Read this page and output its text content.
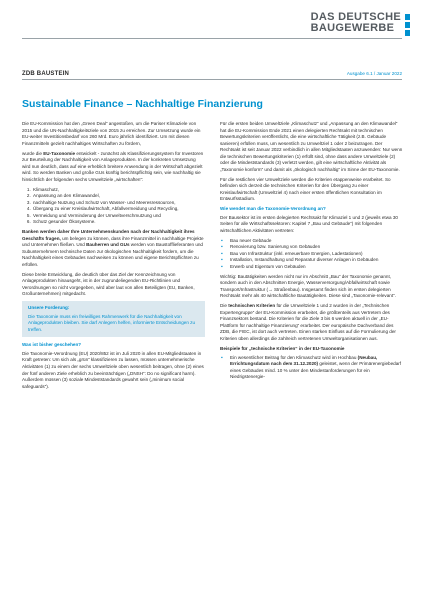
DAS DEUTSCHE
BAUGEWERBE
ZDB BAUSTEIN	Ausgabe 6.1 / Januar 2022
Sustainable Finance – Nachhaltige Finanzierung

Die EU-Kommission hat den „Green Deal“ angestoßen, um die Pariser Klimaziele von 2015 und die UN-Nachhaltigkeitsziele von 2015 zu erreichen. Zur Umsetzung wurde ein EU-weiter Investitionsbedarf von 260 Mrd. Euro jährlich identifiziert. Um mit diesen Finanzmitteln gezielt nachhaltiges Wirtschaften zu fördern,

wurde die EU-Taxonomie entwickelt - zunächst als Klassifizierungssystem für Investoren zur Beurteilung der Nachhaltigkeit von Anlageprodukten. In der konkreten Umsetzung wird nun deutlich, dass auf eine erheblich breitere Anwendung in der Wirtschaft abgezielt wird. So werden Banken und große GUs künftig berichtspflichtig sein, wie nachhaltig sie hinsichtlich der folgenden sechs Umweltziele „wirtschaften“:

1. Klimaschutz,
2. Anpassung an den Klimawandel,
3. nachhaltige Nutzung und Schutz von Wasser- und Meeresressourcen,
4. Übergang zu einer Kreislaufwirtschaft, Abfallvermeidung und Recycling,
5. Vermeidung und Verminderung der Umweltverschmutzung und
6. Schutz gesunder Ökosysteme.

Banken werden daher Ihre Unternehmenskunden nach der Nachhaltigkeit ihres Geschäfts fragen, um belegen zu können, dass ihre Finanzmittel in nachhaltige Projekte und Unternehmen fließen. Und Bauherren und GUs werden von Baustofflieferanten und Subunternehmern technische Daten zur ökologischen Nachhaltigkeit fordern, um die Nachhaltigkeit eines Gebäudes nachweisen zu können und eigene Berichtspflichten zu erfüllen.

Diese breite Entwicklung, die deutlich über das Ziel der Kennzeichnung von Anlageprodukten hinausgeht, ist in der zugrundeliegenden EU-Richtlinien und Verordnungen so nicht vorgegeben, wird aber laut von allen Beteiligten (EU, Banken, Großunternehmen) mitgedacht.

Unsere Forderung:

Die Taxonomie muss ein freiwilliges Rahmenwerk für die Nachhaltigkeit von Anlageprodukten bleiben. Sie darf Anlegern helfen, informierte Entscheidungen zu treffen.

Was ist bisher geschehen?

Die Taxonomie-Verordnung (EU) 2020/852 ist im Juli 2020 in allen EU-Mitgliedstaaten in Kraft getreten: Um sich als „grün“ klassifizieren zu lassen, müssen unternehmerische Aktivitäten (1) zu einem der sechs Umweltziele oben wesentlich beitragen, ohne (2) eines der fünf anderen Ziele erheblich zu beeinträchtigen („DNSH“: Do no significant harm). Außerdem müssen (3) soziale Mindeststandards gewahrt sein („minimum social safeguards“).

Für die ersten beiden Umweltziele „Klimaschutz“ und „Anpassung an den Klimawandel“ hat die EU-Kommission Ende 2021 einen delegierten Rechtsakt mit technischen Bewertungskriterien veröffentlicht, die eine wirtschaftliche Tätigkeit (z.B. Gebäude sanieren) erfüllen muss, um wesentlich zu Umweltziel 1 oder 2 beizutragen. Der Rechtsakt ist seit Januar 2022 verbindlich in allen Mitgliedstaaten anzuwenden: Nur wenn die technischen Bewertungskriterien (1) erfüllt sind, ohne dass andere Umweltziele (2) oder die Mindeststandards (3) verletzt werden, gilt eine wirtschaftliche Aktivität als „Taxonomie konform“ und damit als „ökologisch nachhaltig“ im Sinne der EU-Taxonomie.

Für die restlichen vier Umweltziele werden die Kriterien etappenweise erarbeitet. So befinden sich derzeit die technischen Kriterien für den Übergang zu einer Kreislaufwirtschaft (Umweltziel 4) nach einer ersten öffentlichen Konsultation im Entwurfsstadium.

Wie wendet man die Taxonomie-Verordnung an?

Der Bausektor ist im ersten delegierten Rechtsakt für Klimaziel 1 und 2 (jeweils etwa 30 Seiten für alle Wirtschaftssektoren: Kapitel 7 „Bau und Gebäude“) mit folgenden wirtschaftlichen Aktivitäten vertreten:

▪ Bau neuer Gebäude
▪ Renovierung bzw. Sanierung von Gebäuden
▪ Bau von Infrastruktur (inkl. erneuerbare Energien, Ladestationen)
▪ Installation, Instandhaltung und Reparatur diverser Anlagen in Gebäuden
▪ Erwerb und Eigentum von Gebäuden

Wichtig: Bautätigkeiten werden nicht nur im Abschnitt „Bau“ der Taxonomie genannt, sondern auch in den Abschnitten Energie, Wasserversorgung/Abfallwirtschaft sowie Transport/Infrastruktur (→ Straßenbau). Insgesamt finden sich im ersten delegierten Rechtsakt mehr als 40 wirtschaftliche Bautätigkeiten. Diese sind „Taxonomie-relevant“.

Die technischen Kriterien für die Umweltziele 1 und 2 wurden in der „Technischen Expertengruppe“ der EU-Kommission erarbeitet, die größtenteils aus Vertretern des Finanzsektors bestand. Die Kriterien für die Ziele 3 bis 6 werden aktuell in der „EU-Plattform für nachhaltige Finanzierung“ erarbeitet. Der europäische Dachverband des ZDB, die FIEC, ist dort auch vertreten. Einen starken Einfluss auf die Formulierung der Kriterien üben allerdings die zahlreich vertretenen Umweltorganisationen aus.

Beispiele für „technische Kriterien“ in der EU-Taxonomie

▪ Ein wesentlicher Beitrag für den Klimaschutz wird im Hochbau (Neubau, Errichtungsdatum nach dem 31.12.2020) geleistet, wenn der Primärenergiebedarf eines Gebäudes mind. 10 % unter den Mindestanforderungen für ein Niedrigstenergie-
